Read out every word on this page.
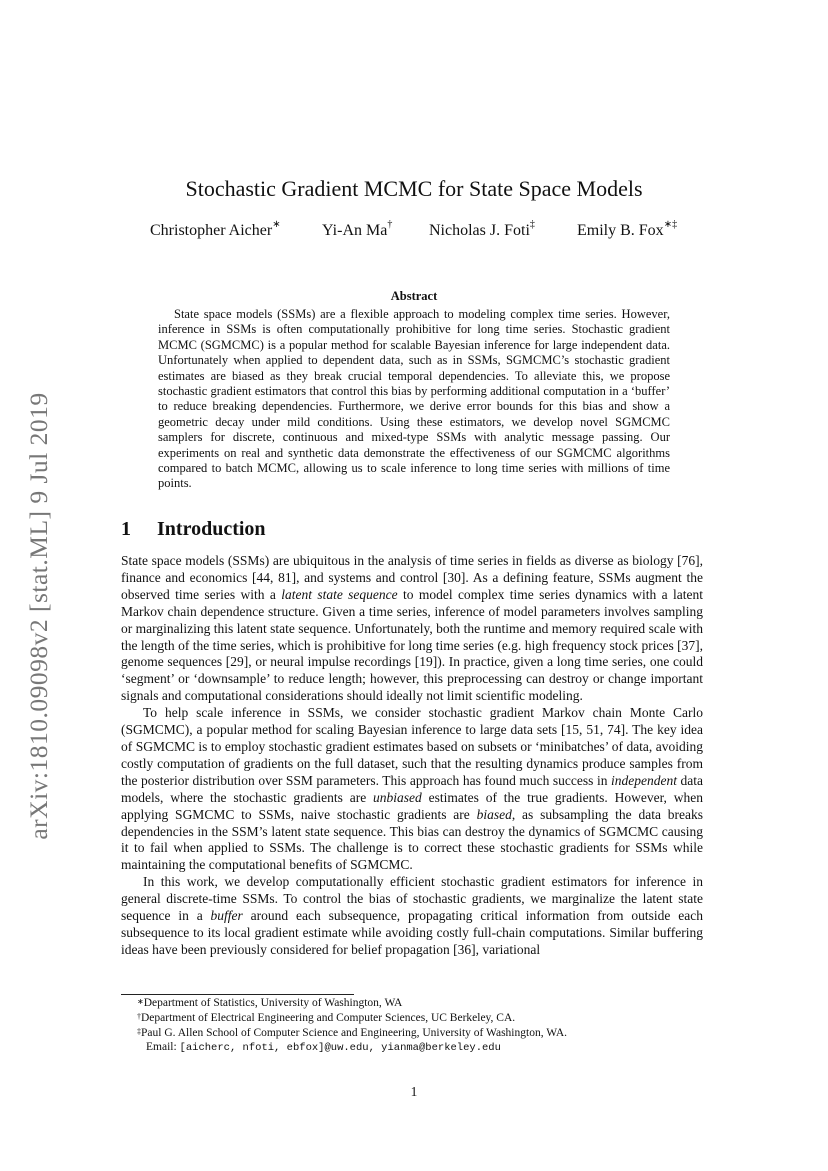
arXiv:1810.09098v2 [stat.ML] 9 Jul 2019
Stochastic Gradient MCMC for State Space Models
Christopher Aicher∗	Yi-An Ma† Nicholas J. Foti‡	Emily B. Fox∗‡
Abstract
State space models (SSMs) are a flexible approach to modeling complex time series. However, inference in SSMs is often computationally prohibitive for long time series. Stochastic gradient MCMC (SGMCMC) is a popular method for scalable Bayesian inference for large independent data. Unfortunately when applied to dependent data, such as in SSMs, SGMCMC’s stochastic gradient estimates are biased as they break crucial temporal dependencies. To alleviate this, we propose stochastic gradient estimators that control this bias by performing additional computation in a ‘buffer’ to reduce breaking dependencies. Furthermore, we derive error bounds for this bias and show a geometric decay under mild conditions. Using these estimators, we develop novel SGMCMC samplers for discrete, continuous and mixed-type SSMs with analytic message passing. Our experiments on real and synthetic data demonstrate the effectiveness of our SGMCMC algorithms compared to batch MCMC, allowing us to scale inference to long time series with millions of time points.
1 Introduction

State space models (SSMs) are ubiquitous in the analysis of time series in fields as diverse as biology [76], finance and economics [44, 81], and systems and control [30]. As a defining feature, SSMs augment the observed time series with a latent state sequence to model complex time series dynamics with a latent Markov chain dependence structure. Given a time series, inference of model parameters involves sampling or marginalizing this latent state sequence. Unfortunately, both the runtime and memory required scale with the length of the time series, which is prohibitive for long time series (e.g. high frequency stock prices [37], genome sequences [29], or neural impulse recordings [19]). In practice, given a long time series, one could ‘segment’ or ‘downsample’ to reduce length; however, this preprocessing can destroy or change important signals and computational considerations should ideally not limit scientific modeling.

To help scale inference in SSMs, we consider stochastic gradient Markov chain Monte Carlo (SGMCMC), a popular method for scaling Bayesian inference to large data sets [15, 51, 74]. The key idea of SGMCMC is to employ stochastic gradient estimates based on subsets or ‘minibatches’ of data, avoiding costly computation of gradients on the full dataset, such that the resulting dynamics produce samples from the posterior distribution over SSM parameters. This approach has found much success in independent data models, where the stochastic gradients are unbiased estimates of the true gradients. However, when applying SGMCMC to SSMs, naive stochastic gradients are biased, as subsampling the data breaks dependencies in the SSM’s latent state sequence. This bias can destroy the dynamics of SGMCMC causing it to fail when applied to SSMs. The challenge is to correct these stochastic gradients for SSMs while maintaining the computational benefits of SGMCMC.

In this work, we develop computationally efficient stochastic gradient estimators for inference in general discrete-time SSMs. To control the bias of stochastic gradients, we marginalize the latent state sequence in a buffer around each subsequence, propagating critical information from outside each subsequence to its local gradient estimate while avoiding costly full-chain computations. Similar buffering ideas have been previously considered for belief propagation [36], variational

∗Department of Statistics, University of Washington, WA
†Department of Electrical Engineering and Computer Sciences, UC Berkeley, CA.
‡Paul G. Allen School of Computer Science and Engineering, University of Washington, WA.
Email: [aicherc, nfoti, ebfox]@uw.edu, yianma@berkeley.edu
1
